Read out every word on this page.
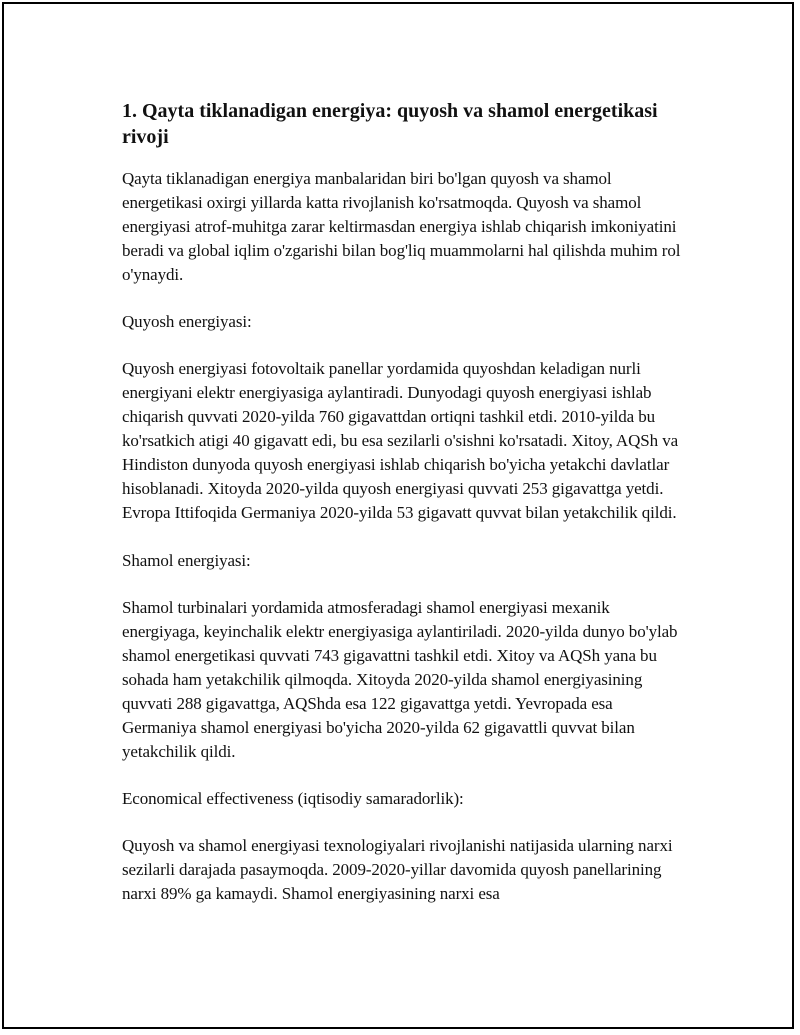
1. Qayta tiklanadigan energiya: quyosh va shamol energetikasi rivoji

Qayta tiklanadigan energiya manbalaridan biri bo'lgan quyosh va shamol energetikasi oxirgi yillarda katta rivojlanish ko'rsatmoqda. Quyosh va shamol energiyasi atrof-muhitga zarar keltirmasdan energiya ishlab chiqarish imkoniyatini beradi va global iqlim o'zgarishi bilan bog'liq muammolarni hal qilishda muhim rol o'ynaydi.

Quyosh energiyasi:

Quyosh energiyasi fotovoltaik panellar yordamida quyoshdan keladigan nurli energiyani elektr energiyasiga aylantiradi. Dunyodagi quyosh energiyasi ishlab chiqarish quvvati 2020-yilda 760 gigavattdan ortiqni tashkil etdi. 2010-yilda bu ko'rsatkich atigi 40 gigavatt edi, bu esa sezilarli o'sishni ko'rsatadi. Xitoy, AQSh va Hindiston dunyoda quyosh energiyasi ishlab chiqarish bo'yicha yetakchi davlatlar hisoblanadi. Xitoyda 2020-yilda quyosh energiyasi quvvati 253 gigavattga yetdi. Evropa Ittifoqida Germaniya 2020-yilda 53 gigavatt quvvat bilan yetakchilik qildi.

Shamol energiyasi:

Shamol turbinalari yordamida atmosferadagi shamol energiyasi mexanik energiyaga, keyinchalik elektr energiyasiga aylantiriladi. 2020-yilda dunyo bo'ylab shamol energetikasi quvvati 743 gigavattni tashkil etdi. Xitoy va AQSh yana bu sohada ham yetakchilik qilmoqda. Xitoyda 2020-yilda shamol energiyasining quvvati 288 gigavattga, AQShda esa 122 gigavattga yetdi. Yevropada esa Germaniya shamol energiyasi bo'yicha 2020-yilda 62 gigavattli quvvat bilan yetakchilik qildi.

Economical effectiveness (iqtisodiy samaradorlik):

Quyosh va shamol energiyasi texnologiyalari rivojlanishi natijasida ularning narxi sezilarli darajada pasaymoqda. 2009-2020-yillar davomida quyosh panellarining narxi 89% ga kamaydi. Shamol energiyasining narxi esa
